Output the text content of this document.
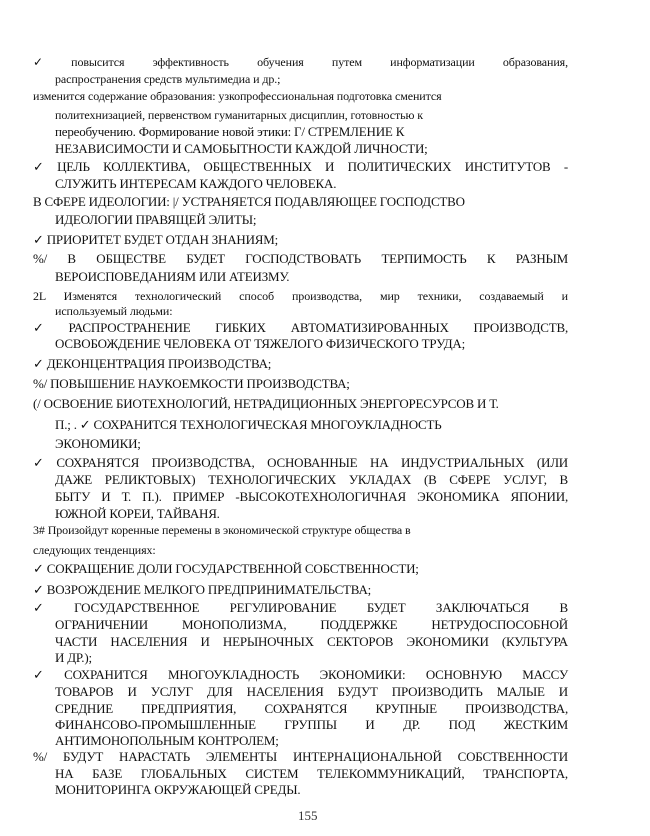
✓ повысится эффективность обучения путем информатизации образования,
распространения средств мультимедиа и др.;
изменится содержание образования: узкопрофессиональная подготовка сменится
политехнизацией, первенством гуманитарных дисциплин, готовностью к
переобучению. Формирование новой этики: Г/ СТРЕМЛЕНИЕ К
НЕЗАВИСИМОСТИ И САМОБЫТНОСТИ КАЖДОЙ ЛИЧНОСТИ;
✓ ЦЕЛЬ КОЛЛЕКТИВА, ОБЩЕСТВЕННЫХ И ПОЛИТИЧЕСКИХ ИНСТИТУТОВ -
СЛУЖИТЬ ИНТЕРЕСАМ КАЖДОГО ЧЕЛОВЕКА.
В СФЕРЕ ИДЕОЛОГИИ: |/ УСТРАНЯЕТСЯ ПОДАВЛЯЮЩЕЕ ГОСПОДСТВО
ИДЕОЛОГИИ ПРАВЯЩЕЙ ЭЛИТЫ;
✓ ПРИОРИТЕТ БУДЕТ ОТДАН ЗНАНИЯМ;
%/ В ОБЩЕСТВЕ БУДЕТ ГОСПОДСТВОВАТЬ ТЕРПИМОСТЬ К РАЗНЫМ
ВЕРОИСПОВЕДАНИЯМ ИЛИ АТЕИЗМУ.
2L Изменятся технологический способ производства, мир техники, создаваемый и
используемый людьми:
✓ РАСПРОСТРАНЕНИЕ ГИБКИХ АВТОМАТИЗИРОВАННЫХ ПРОИЗВОДСТВ,
ОСВОБОЖДЕНИЕ ЧЕЛОВЕКА ОТ ТЯЖЕЛОГО ФИЗИЧЕСКОГО ТРУДА;
✓ ДЕКОНЦЕНТРАЦИЯ ПРОИЗВОДСТВА;
%/ ПОВЫШЕНИЕ НАУКОЕМКОСТИ ПРОИЗВОДСТВА;
(/ ОСВОЕНИЕ БИОТЕХНОЛОГИЙ, НЕТРАДИЦИОННЫХ ЭНЕРГОРЕСУРСОВ И Т.
П.; . ✓ СОХРАНИТСЯ ТЕХНОЛОГИЧЕСКАЯ МНОГОУКЛАДНОСТЬ
ЭКОНОМИКИ;
✓ СОХРАНЯТСЯ ПРОИЗВОДСТВА, ОСНОВАННЫЕ НА ИНДУСТРИАЛЬНЫХ (ИЛИ
ДАЖЕ РЕЛИКТОВЫХ) ТЕХНОЛОГИЧЕСКИХ УКЛАДАХ (В СФЕРЕ УСЛУГ, В
БЫТУ И Т. П.). ПРИМЕР -ВЫСОКОТЕХНОЛОГИЧНАЯ ЭКОНОМИКА ЯПОНИИ,
ЮЖНОЙ КОРЕИ, ТАЙВАНЯ.
3# Произойдут коренные перемены в экономической структуре общества в
следующих тенденциях:
✓ СОКРАЩЕНИЕ ДОЛИ ГОСУДАРСТВЕННОЙ СОБСТВЕННОСТИ;
✓ ВОЗРОЖДЕНИЕ МЕЛКОГО ПРЕДПРИНИМАТЕЛЬСТВА;
✓ ГОСУДАРСТВЕННОЕ РЕГУЛИРОВАНИЕ БУДЕТ ЗАКЛЮЧАТЬСЯ В
ОГРАНИЧЕНИИ МОНОПОЛИЗМА, ПОДДЕРЖКЕ НЕТРУДОСПОСОБНОЙ
ЧАСТИ НАСЕЛЕНИЯ И НЕРЫНОЧНЫХ СЕКТОРОВ ЭКОНОМИКИ (КУЛЬТУРА
И ДР.);
✓ СОХРАНИТСЯ МНОГОУКЛАДНОСТЬ ЭКОНОМИКИ: ОСНОВНУЮ МАССУ
ТОВАРОВ И УСЛУГ ДЛЯ НАСЕЛЕНИЯ БУДУТ ПРОИЗВОДИТЬ МАЛЫЕ И
СРЕДНИЕ ПРЕДПРИЯТИЯ, СОХРАНЯТСЯ КРУПНЫЕ ПРОИЗВОДСТВА,
ФИНАНСОВО-ПРОМЫШЛЕННЫЕ ГРУППЫ И ДР. ПОД ЖЕСТКИМ
АНТИМОНОПОЛЬНЫМ КОНТРОЛЕМ;
%/ БУДУТ НАРАСТАТЬ ЭЛЕМЕНТЫ ИНТЕРНАЦИОНАЛЬНОЙ СОБСТВЕННОСТИ
НА БАЗЕ ГЛОБАЛЬНЫХ СИСТЕМ ТЕЛЕКОММУНИКАЦИЙ, ТРАНСПОРТА,
МОНИТОРИНГА ОКРУЖАЮЩЕЙ СРЕДЫ.
155
